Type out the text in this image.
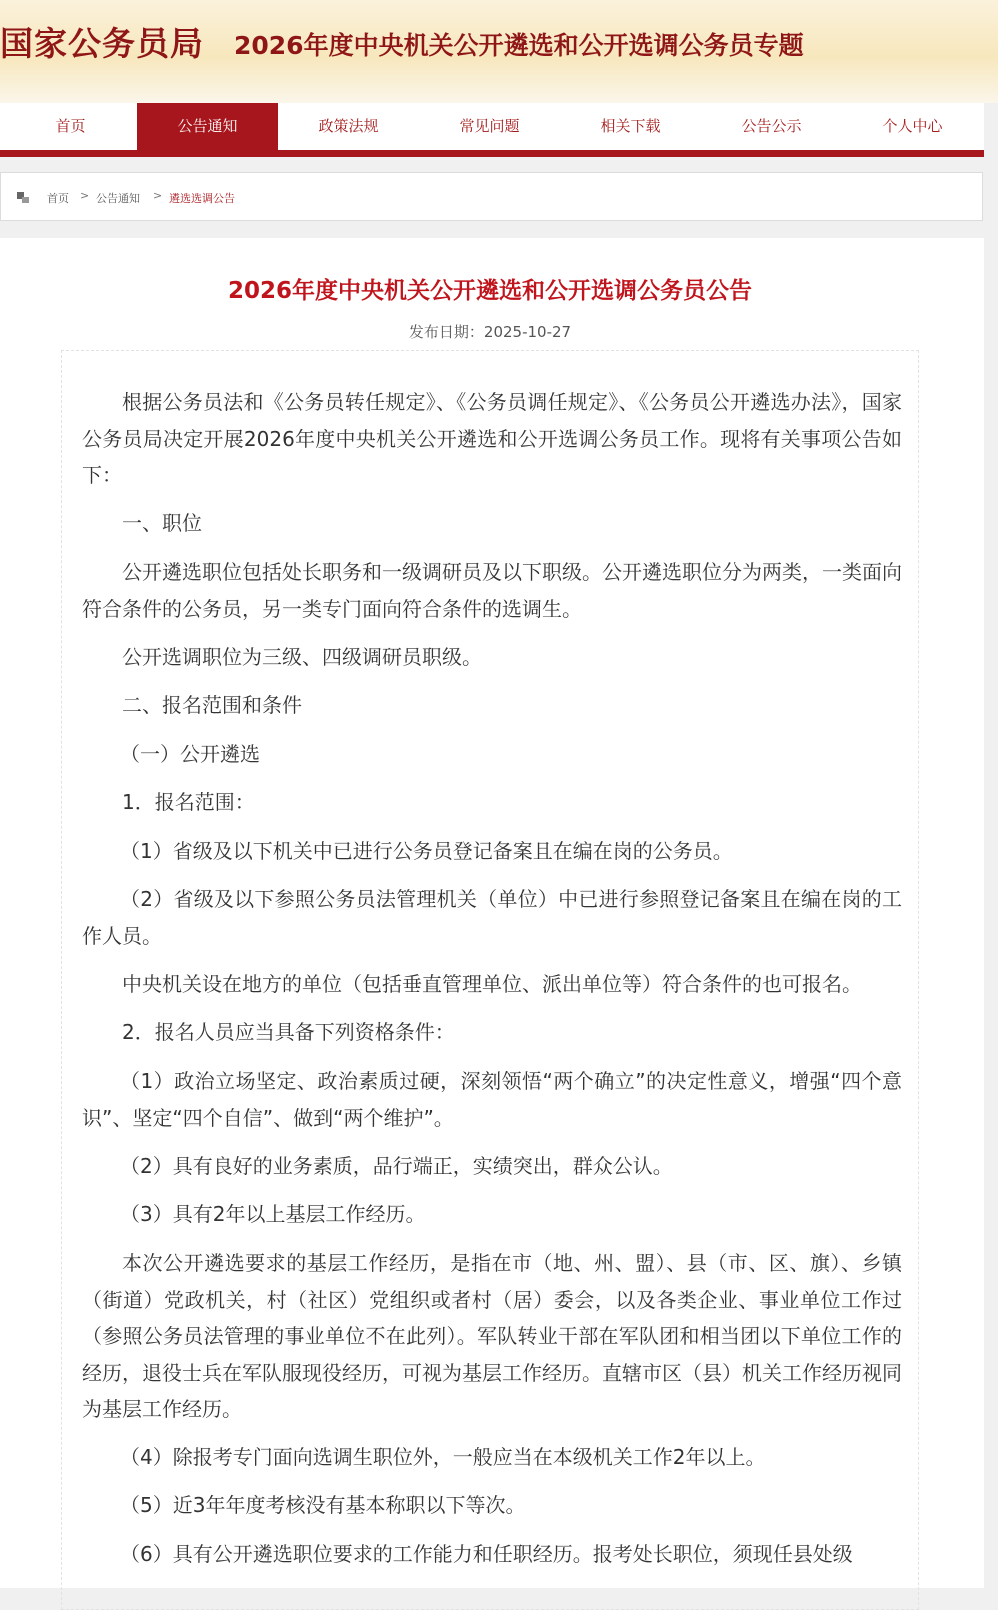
国家公务员局 2026年度中央机关公开遴选和公开选调公务员专题
首页	公告通知	政策法规	常见问题	相关下载	公告公示	个人中心
首页 > 公告通知 > 遴选选调公告
2026年度中央机关公开遴选和公开选调公务员公告
发布日期：2025-10-27

根据公务员法和《公务员转任规定》、《公务员调任规定》、《公务员公开遴选办法》，国家公务员局决定开展2026年度中央机关公开遴选和公开选调公务员工作。现将有关事项公告如下：

一、职位

公开遴选职位包括处长职务和一级调研员及以下职级。公开遴选职位分为两类，一类面向符合条件的公务员，另一类专门面向符合条件的选调生。

公开选调职位为三级、四级调研员职级。

二、报名范围和条件

（一）公开遴选

1．报名范围：

（1）省级及以下机关中已进行公务员登记备案且在编在岗的公务员。

（2）省级及以下参照公务员法管理机关（单位）中已进行参照登记备案且在编在岗的工作人员。

中央机关设在地方的单位（包括垂直管理单位、派出单位等）符合条件的也可报名。

2．报名人员应当具备下列资格条件：

（1）政治立场坚定、政治素质过硬，深刻领悟“两个确立”的决定性意义，增强“四个意识”、坚定“四个自信”、做到“两个维护”。

（2）具有良好的业务素质，品行端正，实绩突出，群众公认。

（3）具有2年以上基层工作经历。

本次公开遴选要求的基层工作经历，是指在市（地、州、盟）、县（市、区、旗）、乡镇（街道）党政机关，村（社区）党组织或者村（居）委会，以及各类企业、事业单位工作过（参照公务员法管理的事业单位不在此列）。军队转业干部在军队团和相当团以下单位工作的经历，退役士兵在军队服现役经历，可视为基层工作经历。直辖市区（县）机关工作经历视同为基层工作经历。

（4）除报考专门面向选调生职位外，一般应当在本级机关工作2年以上。

（5）近3年年度考核没有基本称职以下等次。

（6）具有公开遴选职位要求的工作能力和任职经历。报考处长职位，须现任县处级
